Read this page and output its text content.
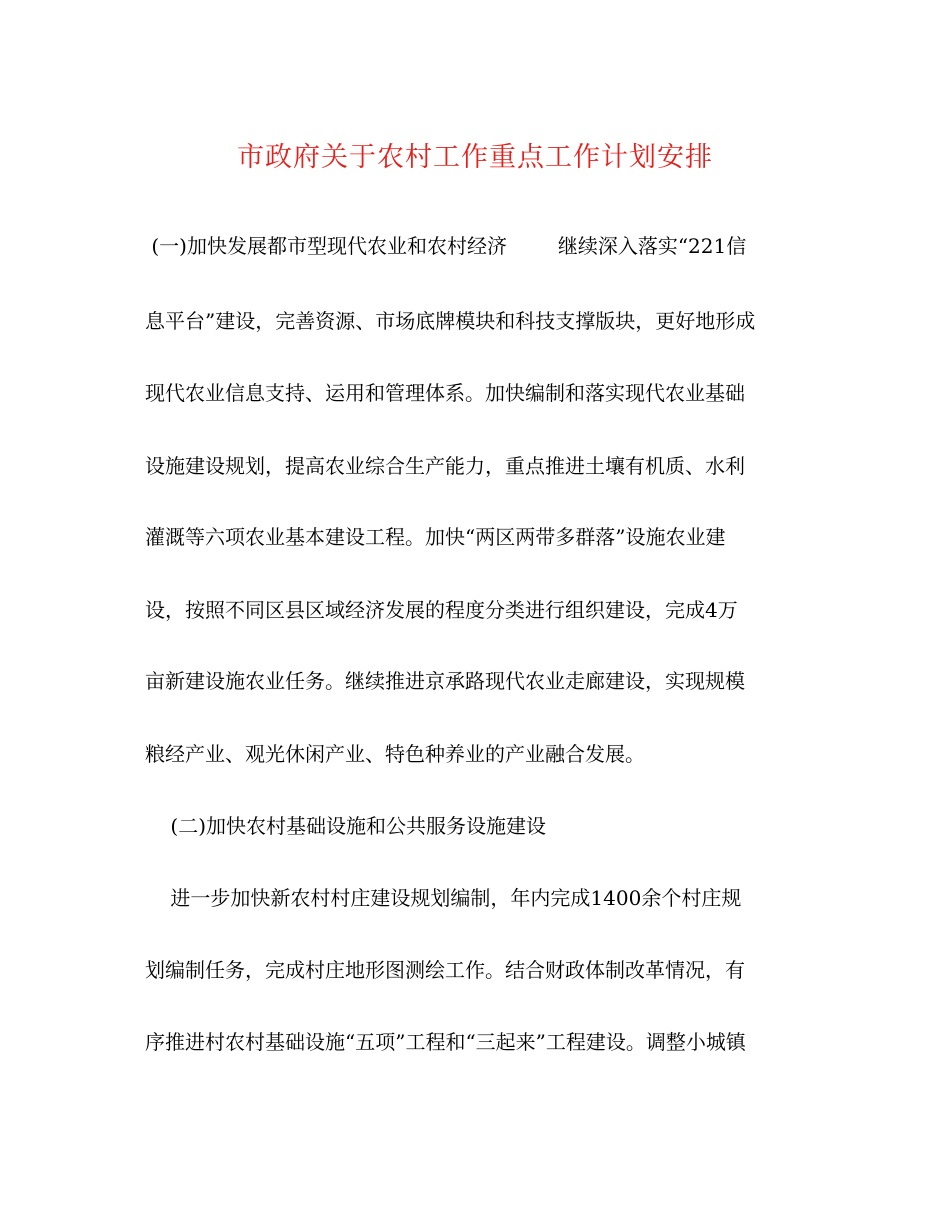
市政府关于农村工作重点工作计划安排
(一)加快发展都市型现代农业和农村经济        继续深入落实“221信
息平台”建设，完善资源、市场底牌模块和科技支撑版块，更好地形成
现代农业信息支持、运用和管理体系。加快编制和落实现代农业基础
设施建设规划，提高农业综合生产能力，重点推进土壤有机质、水利
灌溉等六项农业基本建设工程。加快“两区两带多群落”设施农业建
设，按照不同区县区域经济发展的程度分类进行组织建设，完成4万
亩新建设施农业任务。继续推进京承路现代农业走廊建设，实现规模
粮经产业、观光休闲产业、特色种养业的产业融合发展。
(二)加快农村基础设施和公共服务设施建设
进一步加快新农村村庄建设规划编制，年内完成1400余个村庄规
划编制任务，完成村庄地形图测绘工作。结合财政体制改革情况，有
序推进村农村基础设施“五项”工程和“三起来”工程建设。调整小城镇
